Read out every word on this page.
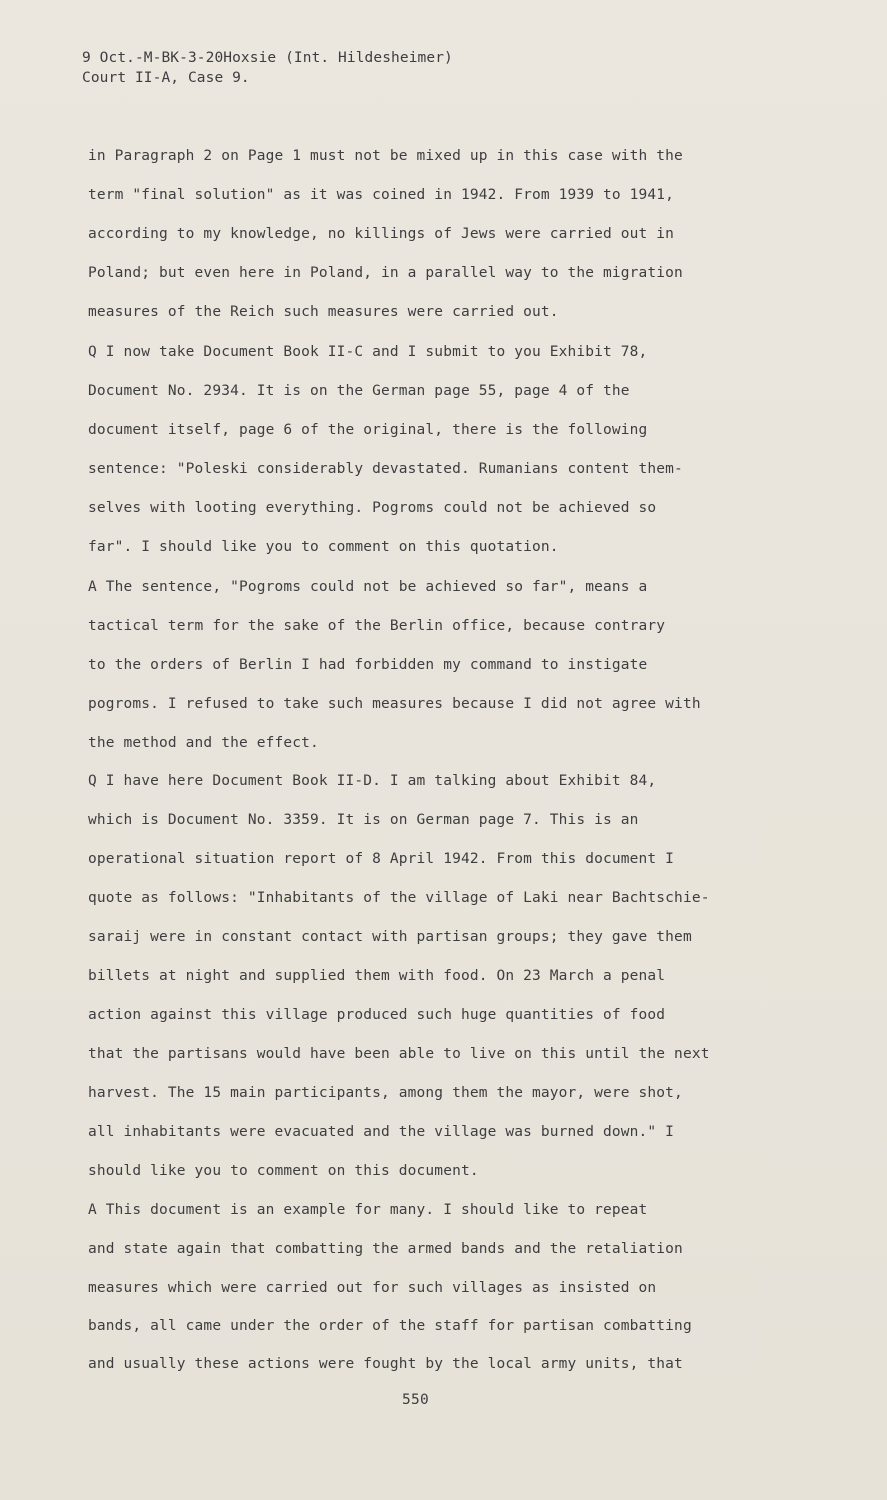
9 Oct.-M-BK-3-20Hoxsie (Int. Hildesheimer)
Court II-A, Case 9.
in Paragraph 2 on Page 1 must not be mixed up in this case with the
term "final solution" as it was coined in 1942. From 1939 to 1941,
according to my knowledge, no killings of Jews were carried out in
Poland; but even here in Poland, in a parallel way to the migration
measures of the Reich such measures were carried out.
Q I now take Document Book II-C and I submit to you Exhibit 78,
Document No. 2934. It is on the German page 55, page 4 of the
document itself, page 6 of the original, there is the following
sentence: "Poleski considerably devastated. Rumanians content them-
selves with looting everything. Pogroms could not be achieved so
far". I should like you to comment on this quotation.
A The sentence, "Pogroms could not be achieved so far", means a
tactical term for the sake of the Berlin office, because contrary
to the orders of Berlin I had forbidden my command to instigate
pogroms. I refused to take such measures because I did not agree with
the method and the effect.
Q I have here Document Book II-D. I am talking about Exhibit 84,
which is Document No. 3359. It is on German page 7. This is an
operational situation report of 8 April 1942. From this document I
quote as follows: "Inhabitants of the village of Laki near Bachtschie-
saraij were in constant contact with partisan groups; they gave them
billets at night and supplied them with food. On 23 March a penal
action against this village produced such huge quantities of food
that the partisans would have been able to live on this until the next
harvest. The 15 main participants, among them the mayor, were shot,
all inhabitants were evacuated and the village was burned down." I
should like you to comment on this document.
A This document is an example for many. I should like to repeat
and state again that combatting the armed bands and the retaliation
measures which were carried out for such villages as insisted on
bands, all came under the order of the staff for partisan combatting
and usually these actions were fought by the local army units, that
550
